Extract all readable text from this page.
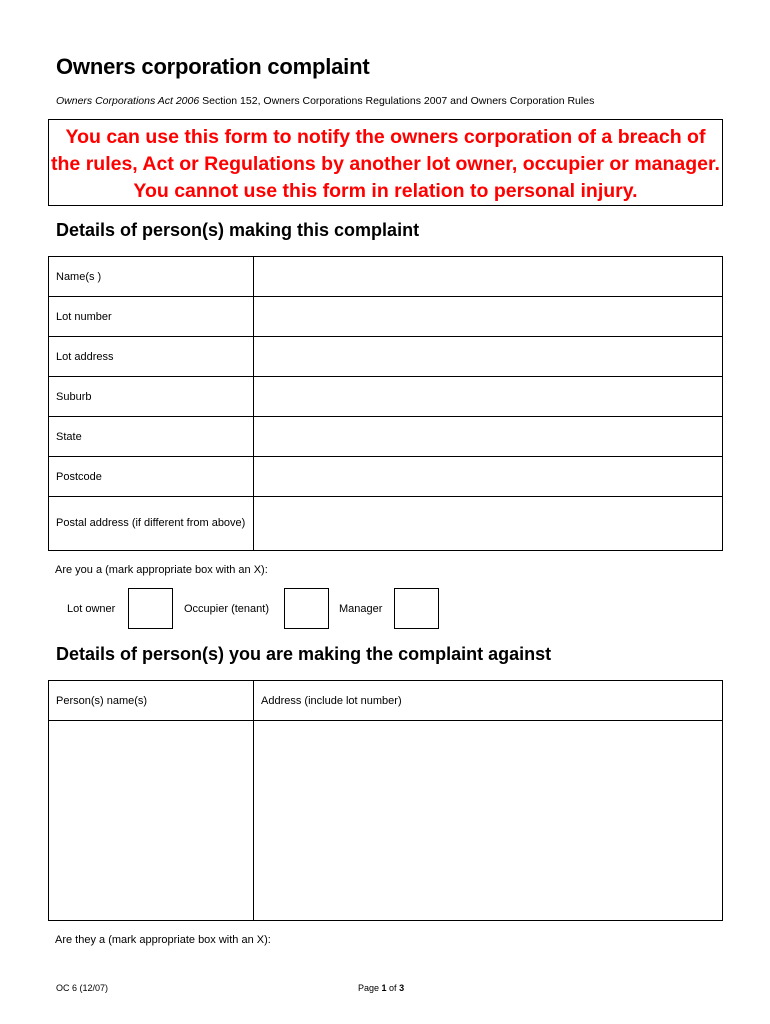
Owners corporation complaint
Owners Corporations Act 2006 Section 152, Owners Corporations Regulations 2007 and Owners Corporation Rules
You can use this form to notify the owners corporation of a breach of the rules, Act or Regulations by another lot owner, occupier or manager. You cannot use this form in relation to personal injury.
Details of person(s) making this complaint
Name(s )	
Lot number	
Lot address	
Suburb	
State	
Postcode	
Postal address (if different from above)	
Are you a (mark appropriate box with an X):
Lot owner	Occupier (tenant)	Manager
Details of person(s) you are making the complaint against
Person(s) name(s)	Address (include lot number)

Are they a (mark appropriate box with an X):
OC 6 (12/07)	Page 1 of 3
